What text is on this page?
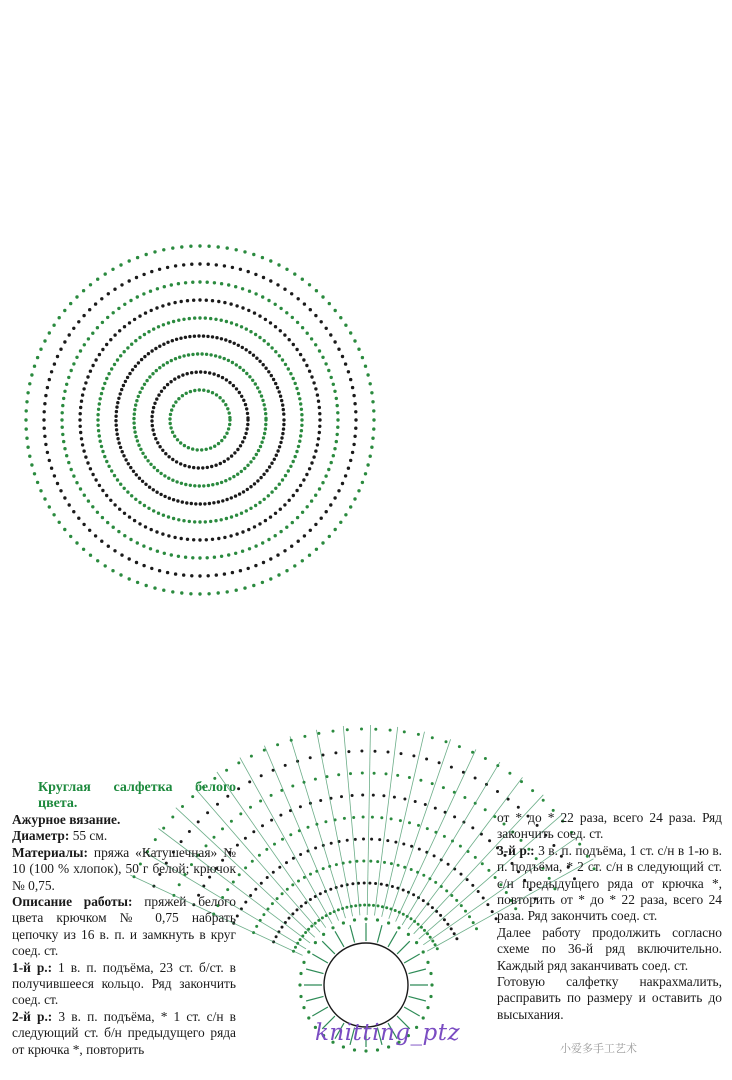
Круглая салфетка белого цвета.

Ажурное вязание.

Диаметр: 55 см.

Материалы: пряжа «Катушечная» № 10 (100 % хлопок), 50 г белой; крючок № 0,75.

Описание работы: пряжей белого цвета крючком № 0,75 набрать цепочку из 16 в. п. и замкнуть в круг соед. ст.

1-й р.: 1 в. п. подъёма, 23 ст. б/ст. в получившееся кольцо. Ряд закончить соед. ст.

2-й р.: 3 в. п. подъёма, * 1 ст. с/н в следующий ст. б/н предыдущего ряда от крючка *, повторить

от * до * 22 раза, всего 24 раза. Ряд закончить соед. ст.

3-й р.: 3 в. п. подъёма, 1 ст. с/н в 1-ю в. п. подъёма, * 2 ст. с/н в следующий ст. с/н предыдущего ряда от крючка *, повторить от * до * 22 раза, всего 24 раза. Ряд закончить соед. ст.

Далее работу продолжить согласно схеме по 36-й ряд включительно. Каждый ряд заканчивать соед. ст.

Готовую салфетку накрахмалить, расправить по размеру и оставить до высыхания.

knitting_ptz
小爱多手工艺术
